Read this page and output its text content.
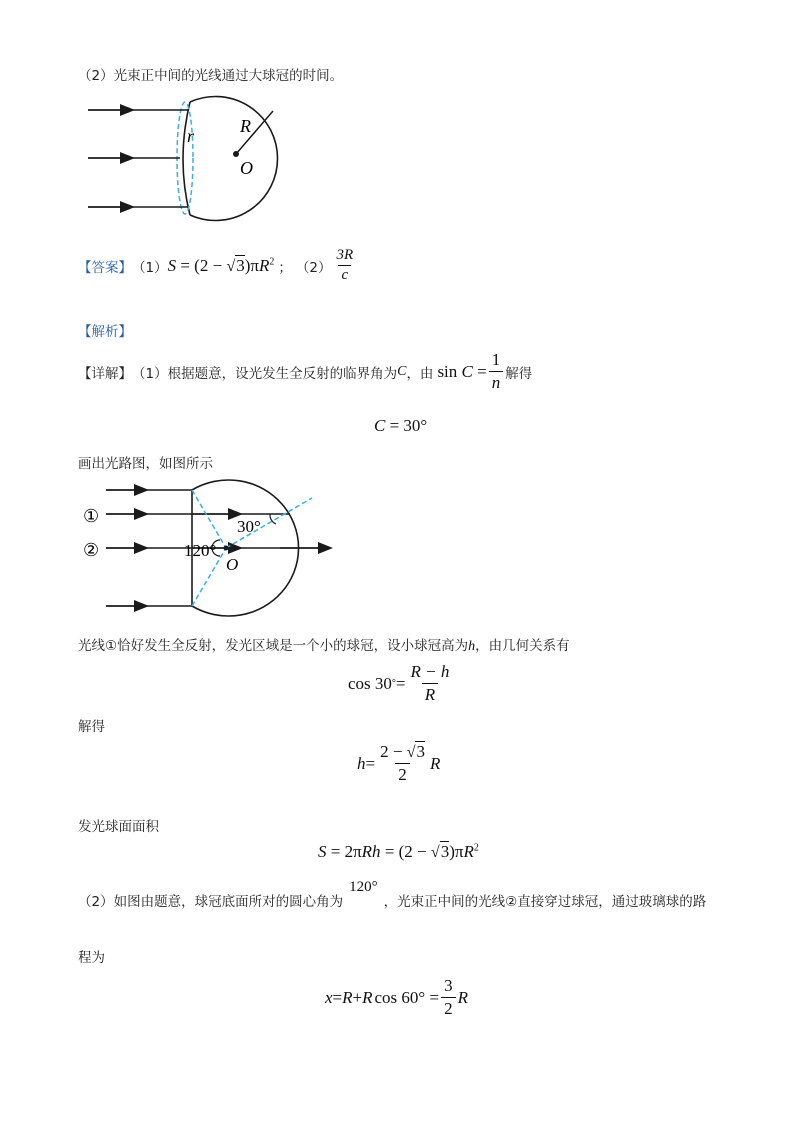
（2）光束正中间的光线通过大球冠的时间。
r	R
O
【答案】 （1） $S = (2 - √3)\pi R^2$ ； $(2) \frac{3R}{c}$
【解析】
【详解】 （1）根据题意，设光发生全反射的临界角为 C ，由 $\sin C = \frac{1}{n}$ 解得
C = 30°
画出光路图，如图所示
①
②
30°
120°
O
光线①恰好发生全反射，发光区域是一个小的球冠，设小球冠高为h，由几何关系有
cos 30 ° = $\frac{R - h}{R}$
解得
$h = \frac{2 - √3}{2}$ R
发光球面面积
$S = 2\pi Rh = (2 - √3)\pi R^2$
（2）如图由题意，球冠底面所对的圆心角为
120°
，光束正中间的光线②直接穿过球冠，通过玻璃球的路
程为
x = R + R $\cos 60^\circ = \frac{3}{2}$ R
